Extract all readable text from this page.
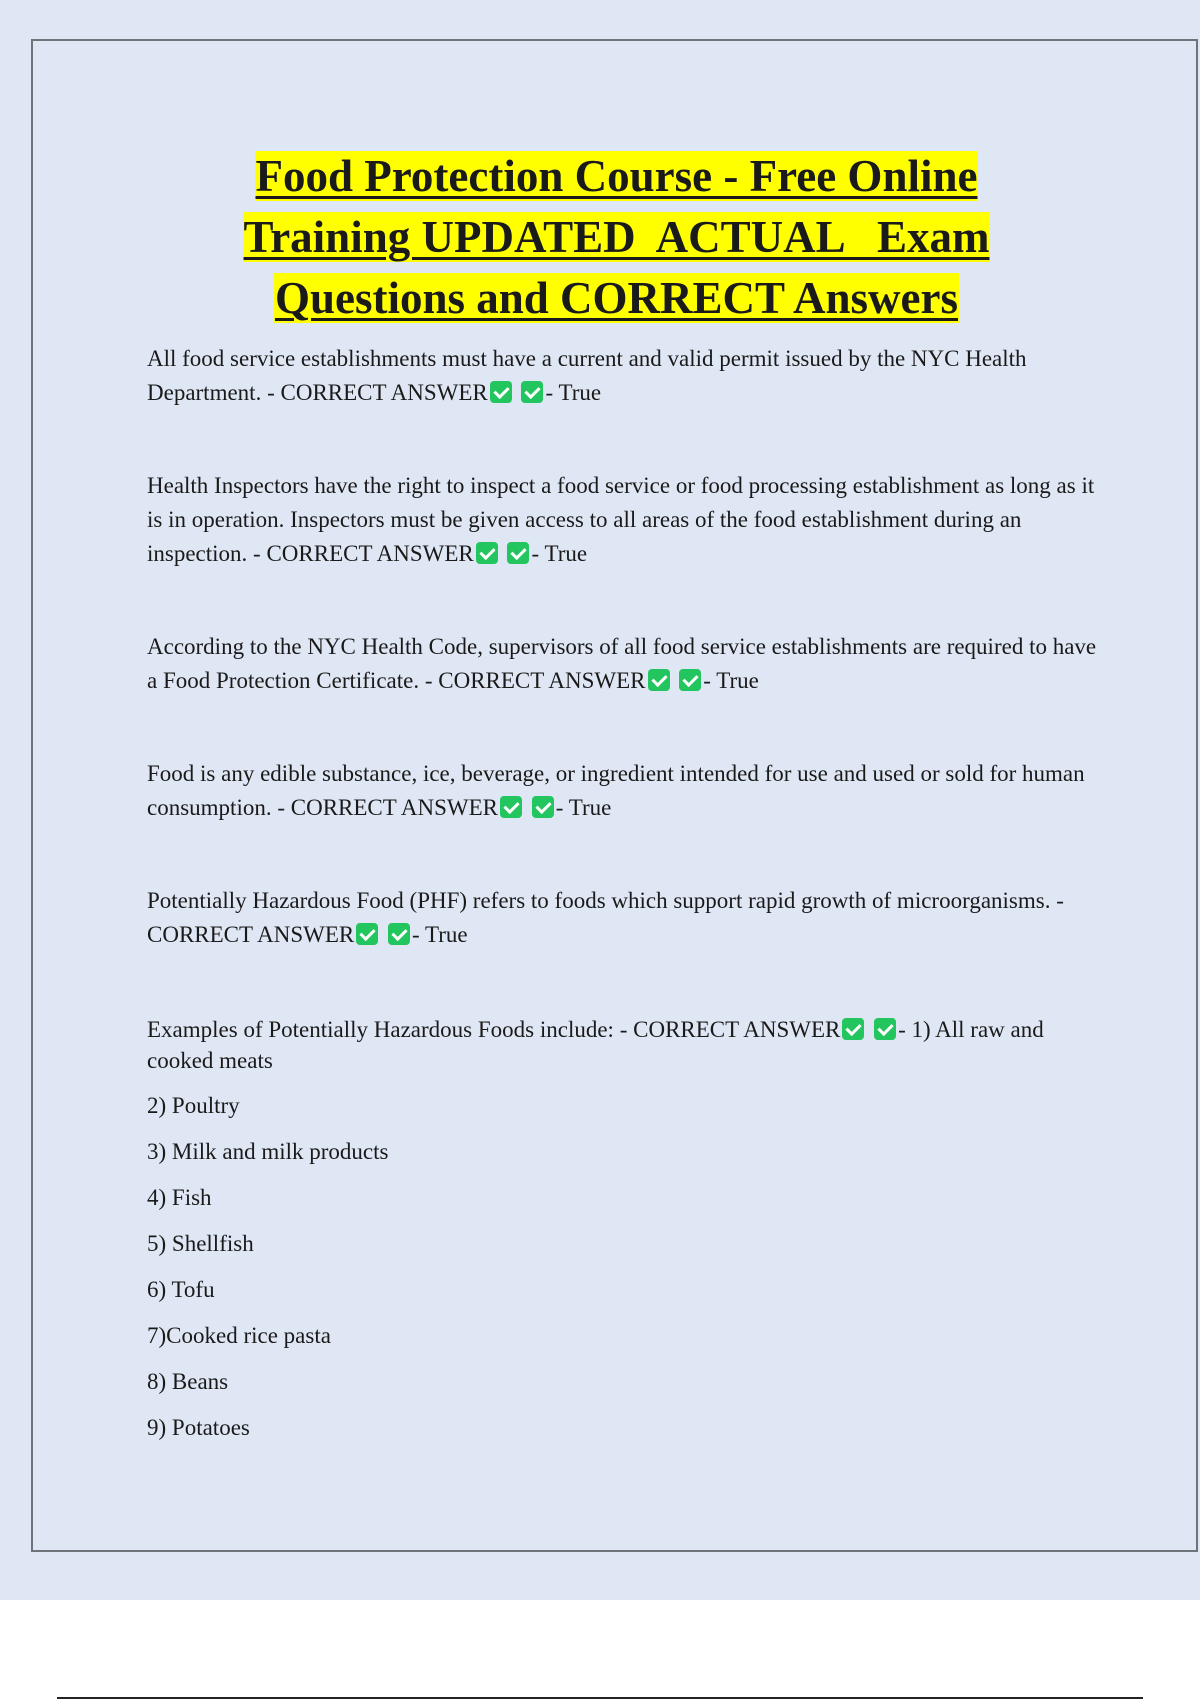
Food Protection Course - Free Online
Training UPDATED  ACTUAL   Exam
Questions and CORRECT Answers

All food service establishments must have a current and valid permit issued by the NYC Health Department. - CORRECT ANSWER	- True

Health Inspectors have the right to inspect a food service or food processing establishment as long as it is in operation. Inspectors must be given access to all areas of the food establishment during an inspection. - CORRECT ANSWER	- True

According to the NYC Health Code, supervisors of all food service establishments are required to have a Food Protection Certificate. - CORRECT ANSWER	- True

Food is any edible substance, ice, beverage, or ingredient intended for use and used or sold for human consumption. - CORRECT ANSWER	- True

Potentially Hazardous Food (PHF) refers to foods which support rapid growth of microorganisms. - CORRECT ANSWER	- True

Examples of Potentially Hazardous Foods include: - CORRECT ANSWER	- 1) All raw and cooked meats

2) Poultry

3) Milk and milk products

4) Fish

5) Shellfish

6) Tofu

7)Cooked rice pasta

8) Beans

9) Potatoes
